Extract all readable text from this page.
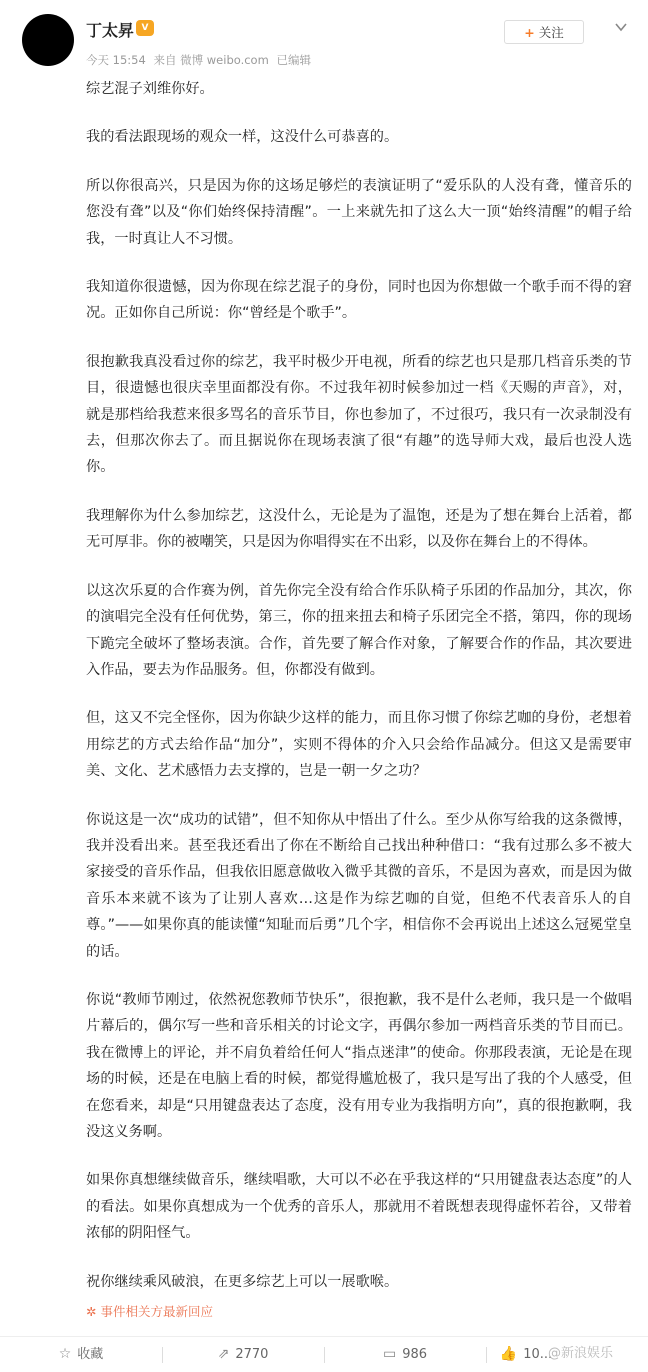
丁太昇 V
今天 15:54 来自 微博 weibo.com 已编辑
+ 关注

综艺混子刘维你好。

我的看法跟现场的观众一样，这没什么可恭喜的。

所以你很高兴，只是因为你的这场足够烂的表演证明了“爱乐队的人没有聋，懂音乐的您没有聋”以及“你们始终保持清醒”。一上来就先扣了这么大一顶“始终清醒”的帽子给我，一时真让人不习惯。

我知道你很遗憾，因为你现在综艺混子的身份，同时也因为你想做一个歌手而不得的窘况。正如你自己所说：你“曾经是个歌手”。

很抱歉我真没看过你的综艺，我平时极少开电视，所看的综艺也只是那几档音乐类的节目，很遗憾也很庆幸里面都没有你。不过我年初时候参加过一档《天赐的声音》，对，就是那档给我惹来很多骂名的音乐节目，你也参加了，不过很巧，我只有一次录制没有去，但那次你去了。而且据说你在现场表演了很“有趣”的选导师大戏，最后也没人选你。

我理解你为什么参加综艺，这没什么，无论是为了温饱，还是为了想在舞台上活着，都无可厚非。你的被嘲笑，只是因为你唱得实在不出彩，以及你在舞台上的不得体。

以这次乐夏的合作赛为例，首先你完全没有给合作乐队椅子乐团的作品加分，其次，你的演唱完全没有任何优势，第三，你的扭来扭去和椅子乐团完全不搭，第四，你的现场下跪完全破坏了整场表演。合作，首先要了解合作对象，了解要合作的作品，其次要进入作品，要去为作品服务。但，你都没有做到。

但，这又不完全怪你，因为你缺少这样的能力，而且你习惯了你综艺咖的身份，老想着用综艺的方式去给作品“加分”，实则不得体的介入只会给作品减分。但这又是需要审美、文化、艺术感悟力去支撑的，岂是一朝一夕之功？

你说这是一次“成功的试错”，但不知你从中悟出了什么。至少从你写给我的这条微博，我并没看出来。甚至我还看出了你在不断给自己找出种种借口：“我有过那么多不被大家接受的音乐作品，但我依旧愿意做收入微乎其微的音乐，不是因为喜欢，而是因为做音乐本来就不该为了让别人喜欢…这是作为综艺咖的自觉，但绝不代表音乐人的自尊。”——如果你真的能读懂“知耻而后勇”几个字，相信你不会再说出上述这么冠冕堂皇的话。

你说“教师节刚过，依然祝您教师节快乐”，很抱歉，我不是什么老师，我只是一个做唱片幕后的，偶尔写一些和音乐相关的讨论文字，再偶尔参加一两档音乐类的节目而已。我在微博上的评论，并不肩负着给任何人“指点迷津”的使命。你那段表演，无论是在现场的时候，还是在电脑上看的时候，都觉得尴尬极了，我只是写出了我的个人感受，但在您看来，却是“只用键盘表达了态度，没有用专业为我指明方向”，真的很抱歉啊，我没这义务啊。

如果你真想继续做音乐，继续唱歌，大可以不必在乎我这样的“只用键盘表达态度”的人的看法。如果你真想成为一个优秀的音乐人，那就用不着既想表现得虚怀若谷，又带着浓郁的阴阳怪气。

祝你继续乘风破浪，在更多综艺上可以一展歌喉。

✲ 事件相关方最新回应
☆ 收藏	⇗ 2770	▭ 986	👍 10...
@新浪娱乐
